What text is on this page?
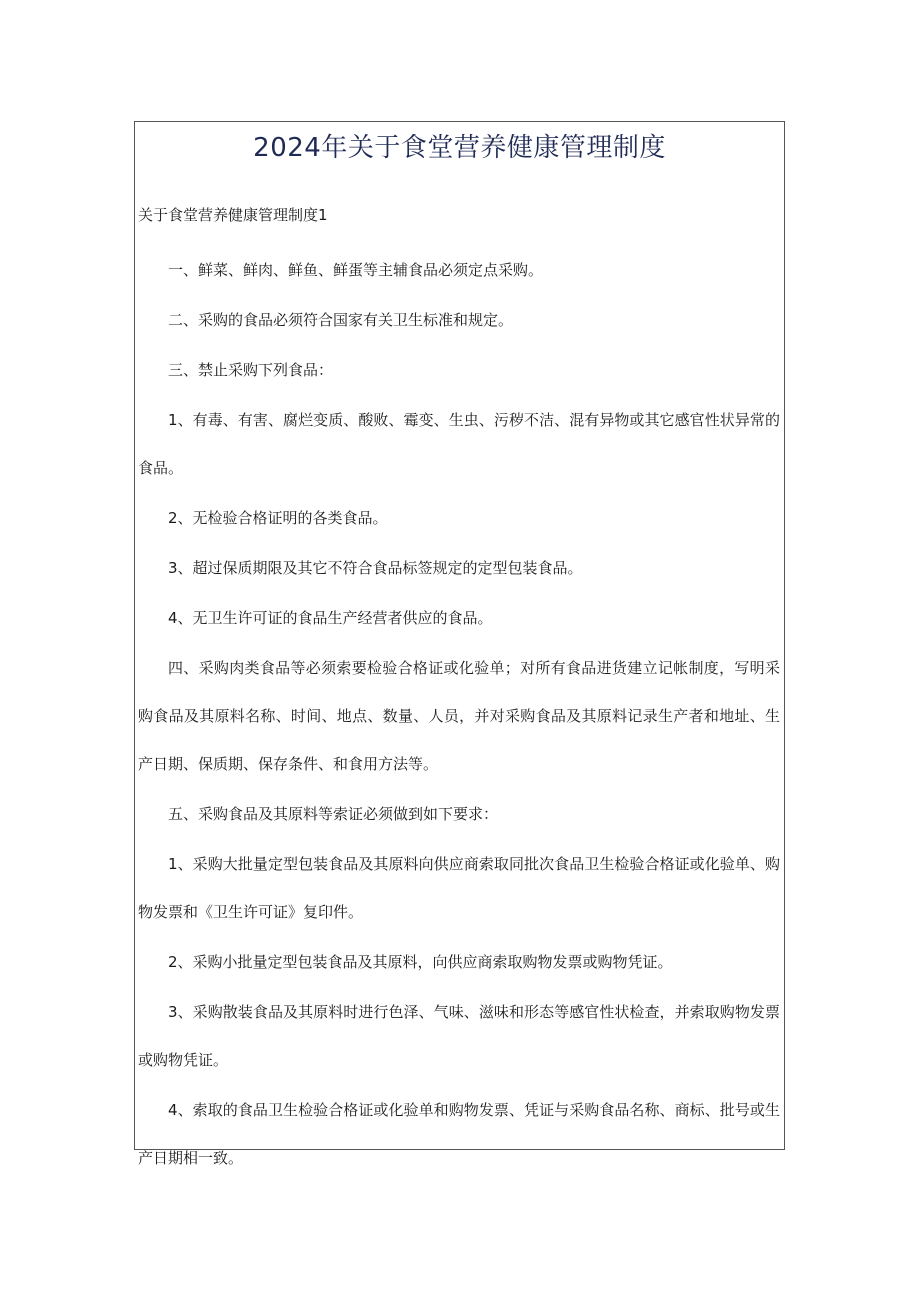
2024年关于食堂营养健康管理制度
关于食堂营养健康管理制度1

一、鲜菜、鲜肉、鲜鱼、鲜蛋等主辅食品必须定点采购。

二、采购的食品必须符合国家有关卫生标准和规定。

三、禁止采购下列食品：

1、有毒、有害、腐烂变质、酸败、霉变、生虫、污秽不洁、混有异物或其它感官性状异常的食品。

2、无检验合格证明的各类食品。

3、超过保质期限及其它不符合食品标签规定的定型包装食品。

4、无卫生许可证的食品生产经营者供应的食品。

四、采购肉类食品等必须索要检验合格证或化验单；对所有食品进货建立记帐制度，写明采购食品及其原料名称、时间、地点、数量、人员，并对采购食品及其原料记录生产者和地址、生产日期、保质期、保存条件、和食用方法等。

五、采购食品及其原料等索证必须做到如下要求：

1、采购大批量定型包装食品及其原料向供应商索取同批次食品卫生检验合格证或化验单、购物发票和《卫生许可证》复印件。

2、采购小批量定型包装食品及其原料，向供应商索取购物发票或购物凭证。

3、采购散装食品及其原料时进行色泽、气味、滋味和形态等感官性状检查，并索取购物发票或购物凭证。

4、索取的食品卫生检验合格证或化验单和购物发票、凭证与采购食品名称、商标、批号或生产日期相一致。
